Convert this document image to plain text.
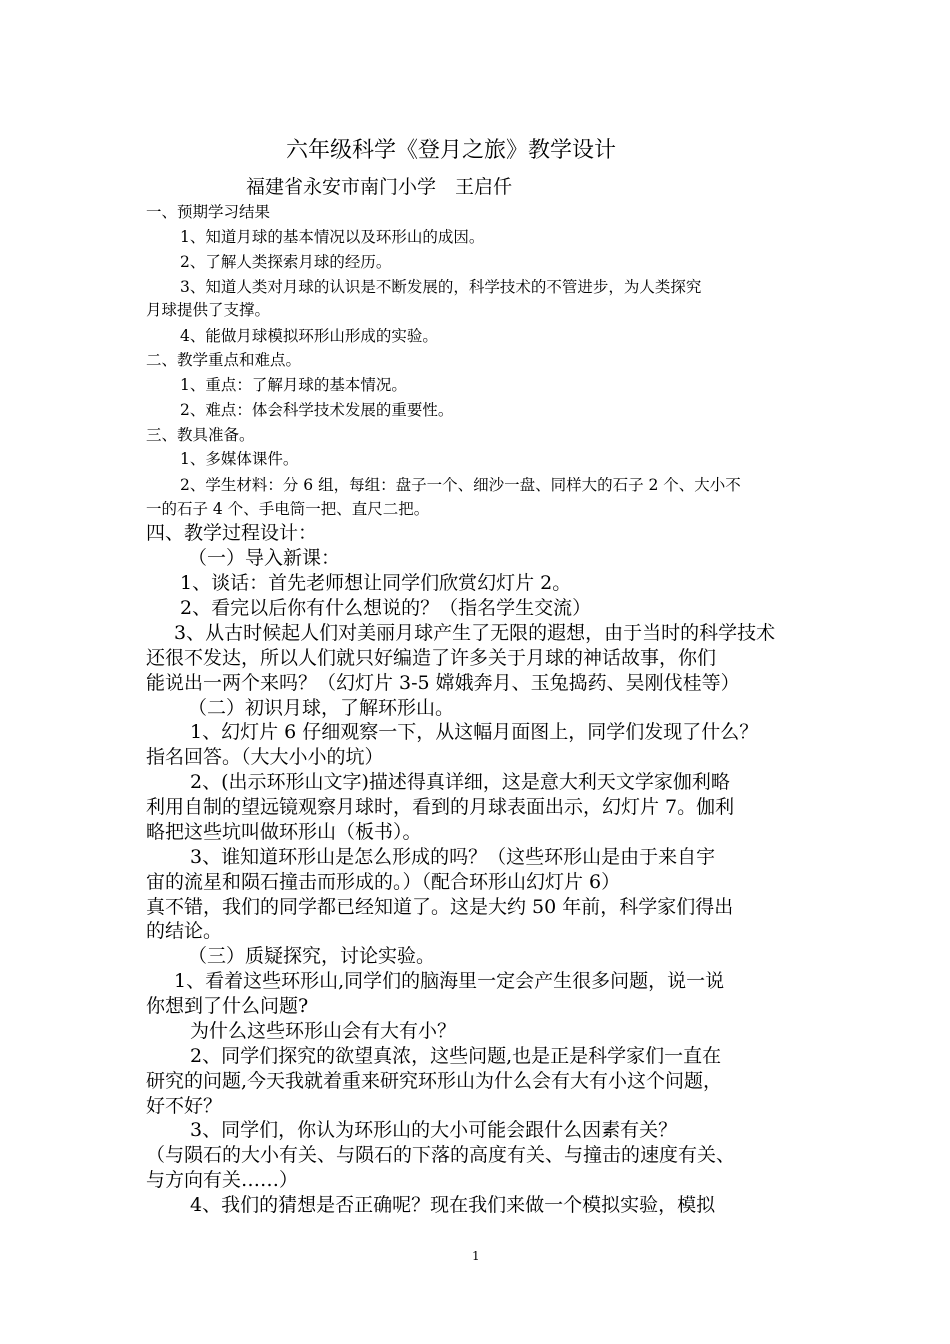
六年级科学《登月之旅》教学设计
福建省永安市南门小学　王启仟
一、预期学习结果
1、知道月球的基本情况以及环形山的成因。
2、了解人类探索月球的经历。
3、知道人类对月球的认识是不断发展的，科学技术的不管进步，为人类探究
月球提供了支撑。
4、能做月球模拟环形山形成的实验。
二、教学重点和难点。
1、重点：了解月球的基本情况。
2、难点：体会科学技术发展的重要性。
三、教具准备。
1、多媒体课件。
2、学生材料：分 6 组，每组：盘子一个、细沙一盘、同样大的石子 2 个、大小不
一的石子 4 个、手电筒一把、直尺二把。
四、教学过程设计：
（一）导入新课：
1、谈话：首先老师想让同学们欣赏幻灯片 2。
2、看完以后你有什么想说的？（指名学生交流）
3、从古时候起人们对美丽月球产生了无限的遐想，由于当时的科学技术
还很不发达，所以人们就只好编造了许多关于月球的神话故事，你们
能说出一两个来吗？（幻灯片 3-5 嫦娥奔月、玉兔捣药、吴刚伐桂等）
（二）初识月球，了解环形山。
1、幻灯片 6 仔细观察一下，从这幅月面图上，同学们发现了什么？
指名回答。（大大小小的坑）
2、(出示环形山文字)描述得真详细，这是意大利天文学家伽利略
利用自制的望远镜观察月球时，看到的月球表面出示，幻灯片 7。伽利
略把这些坑叫做环形山（板书）。
3、谁知道环形山是怎么形成的吗？（这些环形山是由于来自宇
宙的流星和陨石撞击而形成的。）（配合环形山幻灯片 6）
真不错，我们的同学都已经知道了。这是大约 50 年前，科学家们得出
的结论。
（三）质疑探究，讨论实验。
1、看着这些环形山,同学们的脑海里一定会产生很多问题，说一说
你想到了什么问题?
为什么这些环形山会有大有小？
2、同学们探究的欲望真浓，这些问题,也是正是科学家们一直在
研究的问题,今天我就着重来研究环形山为什么会有大有小这个问题，
好不好？
3、同学们，你认为环形山的大小可能会跟什么因素有关？
（与陨石的大小有关、与陨石的下落的高度有关、与撞击的速度有关、
与方向有关……）
4、我们的猜想是否正确呢？现在我们来做一个模拟实验，模拟
1
